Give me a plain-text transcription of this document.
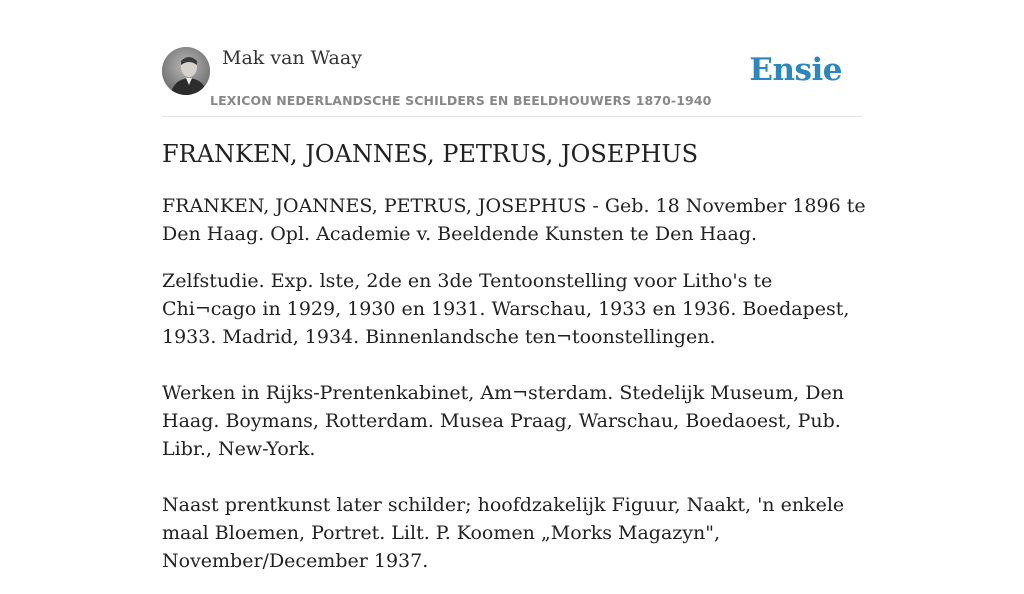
Mak van Waay
LEXICON NEDERLANDSCHE SCHILDERS EN BEELDHOUWERS 1870-1940
Ensie
FRANKEN, JOANNES, PETRUS, JOSEPHUS

FRANKEN, JOANNES, PETRUS, JOSEPHUS - Geb. 18 November 1896 te Den Haag. Opl. Academie v. Beeldende Kunsten te Den Haag.

Zelfstudie. Exp. lste, 2de en 3de Tentoonstelling voor Litho's te Chi¬cago in 1929, 1930 en 1931. Warschau, 1933 en 1936. Boedapest, 1933. Madrid, 1934. Binnenlandsche ten¬toonstellingen.

Werken in Rijks-Prentenkabinet, Am¬sterdam. Stedelijk Museum, Den Haag. Boymans, Rotterdam. Musea Praag, Warschau, Boedaoest, Pub. Libr., New-York.

Naast prentkunst later schilder; hoofdzakelijk Figuur, Naakt, 'n enkele maal Bloemen, Portret. Lilt. P. Koomen „Morks Magazyn", November/December 1937.
